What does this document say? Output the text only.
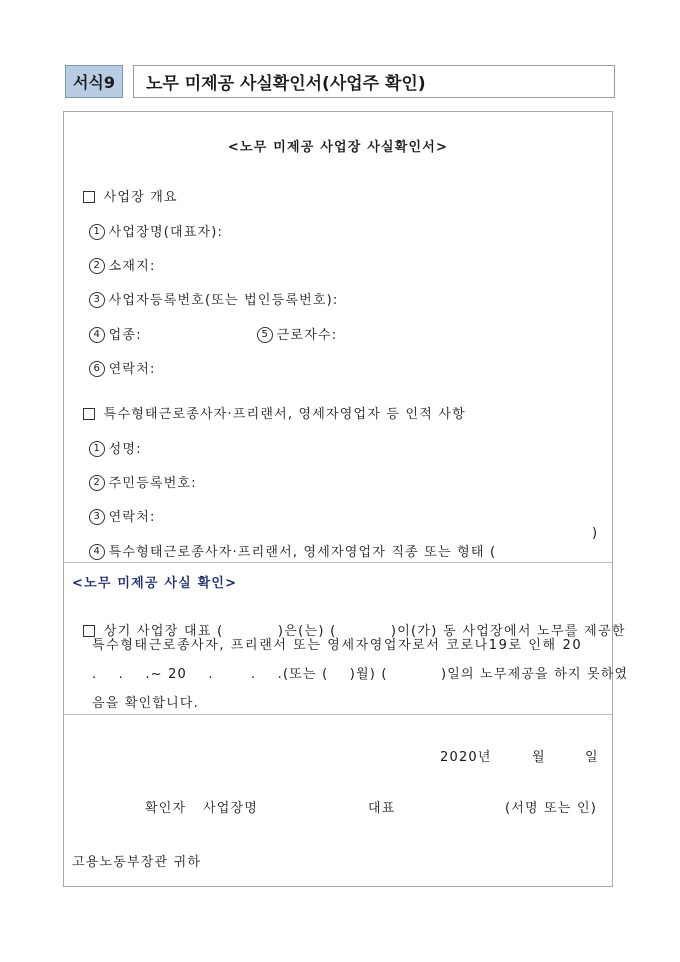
서식9	노무 미제공 사실확인서(사업주 확인)
<노무 미제공 사업장 사실확인서>

사업장 개요

1 사업장명(대표자):

2 소재지:

3 사업자등록번호(또는 법인등록번호):

4 업종:	5 근로자수:

6 연락처:

특수형태근로종사자·프리랜서, 영세자영업자 등 인적 사항

1 성명:

2 주민등록번호:

3 연락처:

4 특수형태근로종사자·프리랜서, 영세자영업자 직종 또는 형태 (

)
<노무 미제공 사실 확인>

상기 사업장 대표 (          )은(는) (          )이(가) 동 사업장에서 노무를 제공한

특수형태근로종사자, 프리랜서 또는 영세자영업자로서 코로나19로 인해 20
.    .    .~ 20    .       .    .(또는 (    )월) (          )일의 노무제공을 하지 못하였
음을 확인합니다.
2020년	월	일
확인자 사업장명	대표	(서명 또는 인)
고용노동부장관 귀하
